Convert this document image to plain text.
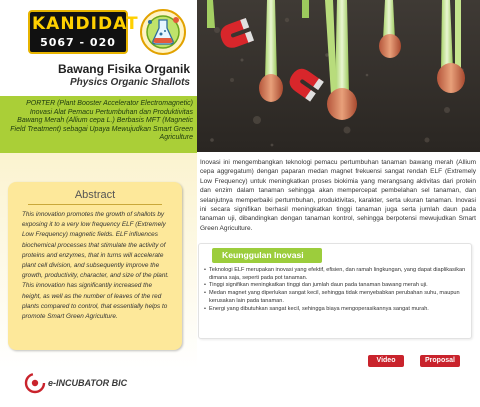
KANDIDAT
5067 - 020
Bawang Fisika Organik
Physics Organic Shallots
PORTER (Plant Booster Accelerator Electromagnetic) Inovasi Alat Pemacu Pertumbuhan dan Produktivitas Bawang Merah (Allium cepa L.) Berbasis MFT (Magnetic Field Treatment) sebagai Upaya Mewujudkan Smart Green Agriculture
Abstract
This innovation promotes the growth of shallots by exposing it to a very low frequency ELF (Extremely Low Frequency) magnetic fields. ELF influences biochemical processes that stimulate the activity of proteins and enzymes, that in turns will accelerate plant cell division, and subsequently improve the growth, productivity, character, and size of the plant. This innovation has significantly increased the height, as well as the number of leaves of the red plants compared to control, that essentially helps to promote Smart Green Agriculture.
e-INCUBATOR BIC
Inovasi ini mengembangkan teknologi pemacu pertumbuhan tanaman bawang merah (Allium cepa aggregatum) dengan paparan medan magnet frekuensi sangat rendah ELF (Extremely Low Frequency) untuk meningkatkan proses biokimia yang merangsang aktivitas dari protein dan enzim dalam tanaman sehingga akan mempercepat pembelahan sel tanaman, dan selanjutnya memperbaiki pertumbuhan, produktivitas, karakter, serta ukuran tanaman. Inovasi ini secara signifikan berhasil meningkatkan tinggi tanaman juga serta jumlah daun pada tanaman uji, dibandingkan dengan tanaman kontrol, sehingga berpotensi mewujudkan Smart Green Agriculture.
Keunggulan Inovasi
• Teknologi ELF merupakan inovasi yang efektif, efisien, dan ramah lingkungan, yang dapat diaplikasikan dimana saja, seperti pada pot tanaman.
• Tinggi signifikan meningkatkan tinggi dan jumlah daun pada tanaman bawang merah uji.
• Medan magnet yang diperlukan sangat kecil, sehingga tidak menyebabkan perubahan suhu, maupun kerusakan lain pada tanaman.
• Energi yang dibutuhkan sangat kecil, sehingga biaya mengoperasikannya sangat murah.
Video	Proposal
